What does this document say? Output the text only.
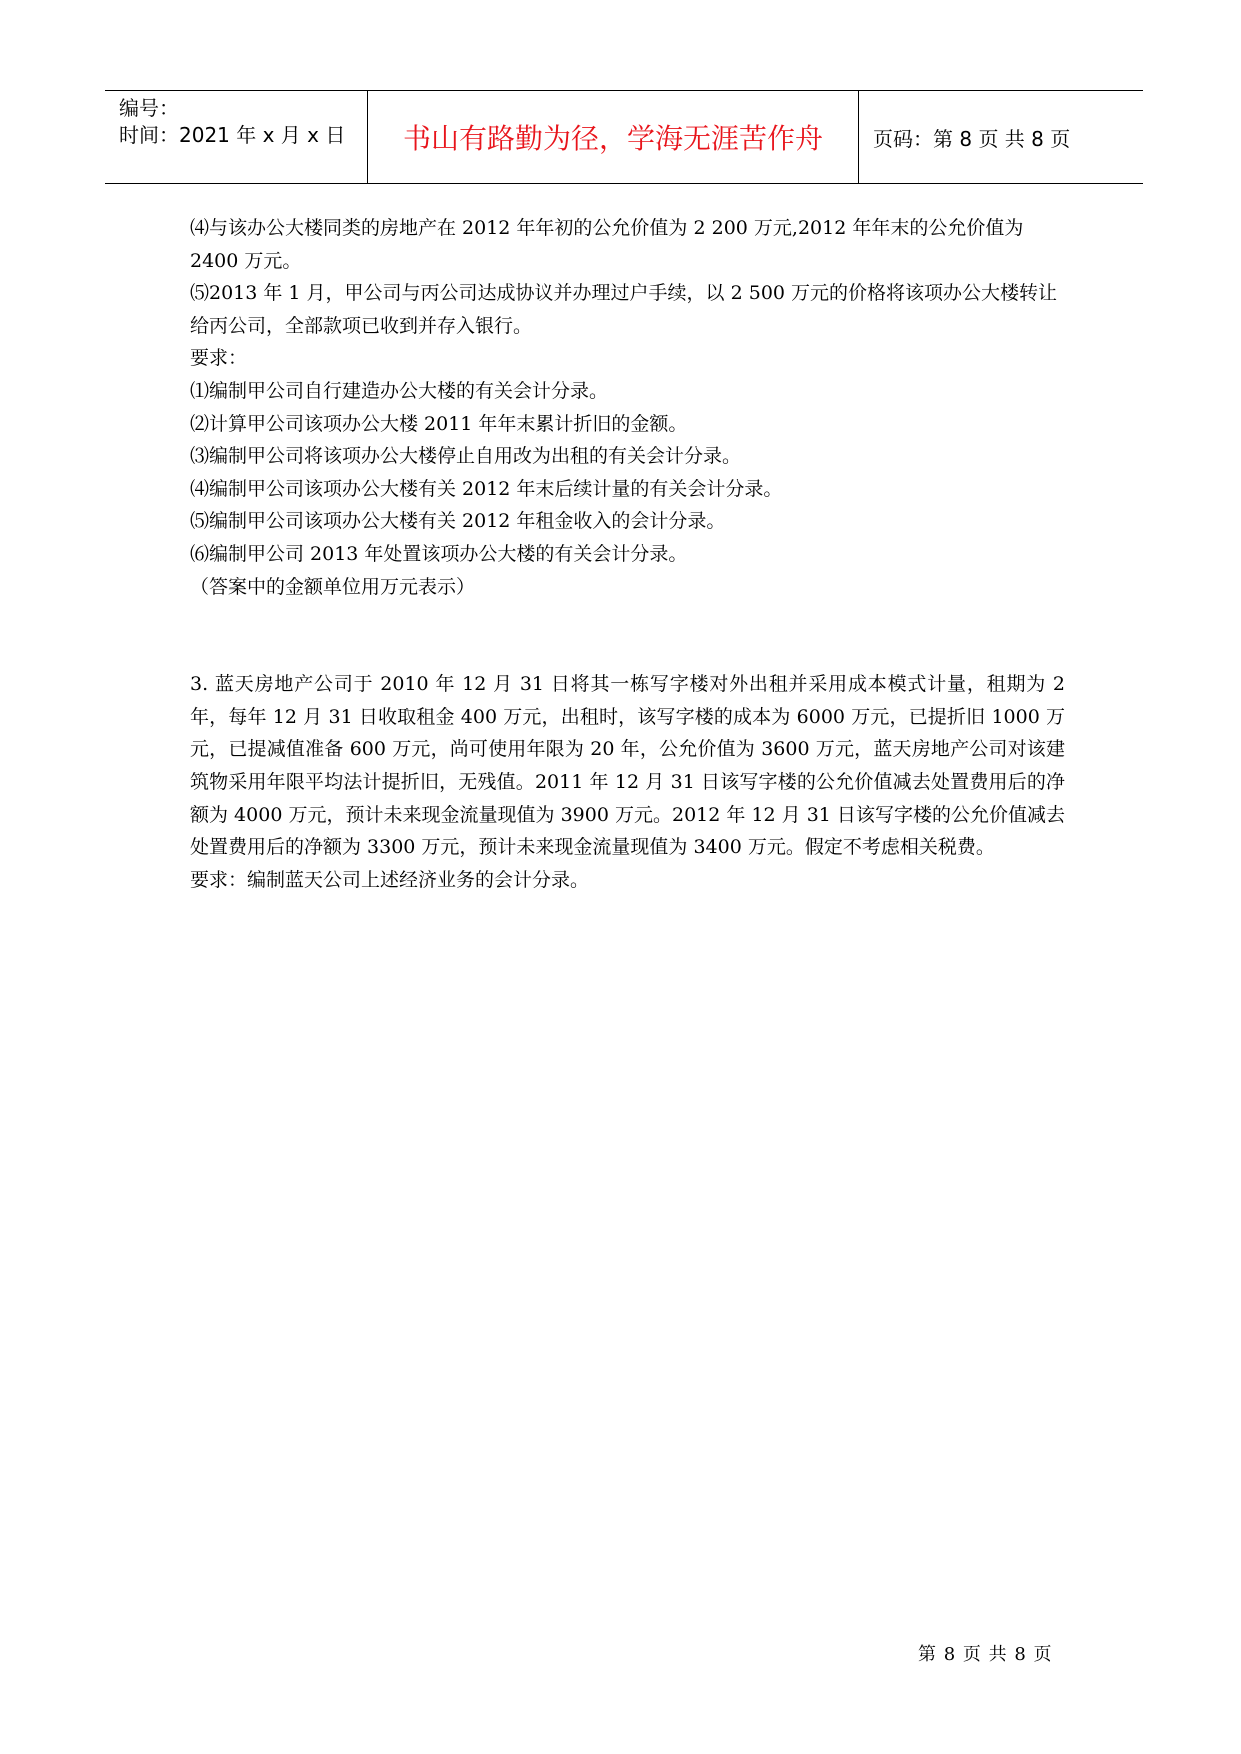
编号：
时间：2021 年 x 月 x 日	书山有路勤为径，学海无涯苦作舟	页码：第 8 页 共 8 页

⑷与该办公大楼同类的房地产在 2012 年年初的公允价值为 2 200 万元,2012 年年末的公允价值为 2400 万元。

⑸2013 年 1 月，甲公司与丙公司达成协议并办理过户手续，以 2 500 万元的价格将该项办公大楼转让给丙公司，全部款项已收到并存入银行。

要求：

⑴编制甲公司自行建造办公大楼的有关会计分录。

⑵计算甲公司该项办公大楼 2011 年年末累计折旧的金额。

⑶编制甲公司将该项办公大楼停止自用改为出租的有关会计分录。

⑷编制甲公司该项办公大楼有关 2012 年末后续计量的有关会计分录。

⑸编制甲公司该项办公大楼有关 2012 年租金收入的会计分录。

⑹编制甲公司 2013 年处置该项办公大楼的有关会计分录。

（答案中的金额单位用万元表示）

3. 蓝天房地产公司于 2010 年 12 月 31 日将其一栋写字楼对外出租并采用成本模式计量，租期为 2 年，每年 12 月 31 日收取租金 400 万元，出租时，该写字楼的成本为 6000 万元，已提折旧 1000 万元，已提减值准备 600 万元，尚可使用年限为 20 年，公允价值为 3600 万元，蓝天房地产公司对该建筑物采用年限平均法计提折旧，无残值。2011 年 12 月 31 日该写字楼的公允价值减去处置费用后的净额为 4000 万元，预计未来现金流量现值为 3900 万元。2012 年 12 月 31 日该写字楼的公允价值减去处置费用后的净额为 3300 万元，预计未来现金流量现值为 3400 万元。假定不考虑相关税费。

要求：编制蓝天公司上述经济业务的会计分录。

第 8 页 共 8 页
